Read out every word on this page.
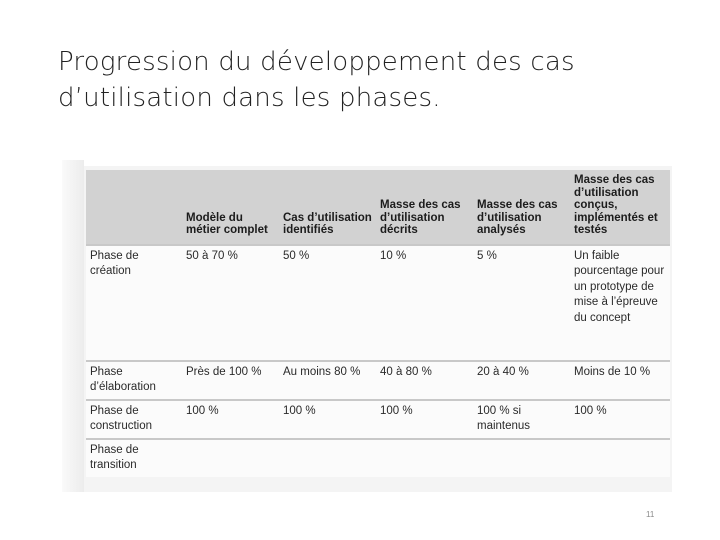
Progression du développement des cas
d’utilisation dans les phases.
	Modèle du métier complet	Cas d’utilisation identifiés	Masse des cas d’utilisation décrits	Masse des cas d’utilisation analysés	Masse des cas d’utilisation conçus, implémentés et testés
Phase de création	50 à 70 %	50 %	10 %	5 %	Un faible pourcentage pour un prototype de mise à l’épreuve du concept
Phase d’élaboration	Près de 100 %	Au moins 80 %	40 à 80 %	20 à 40 %	Moins de 10 %
Phase de construction	100 %	100 %	100 %	100 % si maintenus	100 %
Phase de transition					
11
